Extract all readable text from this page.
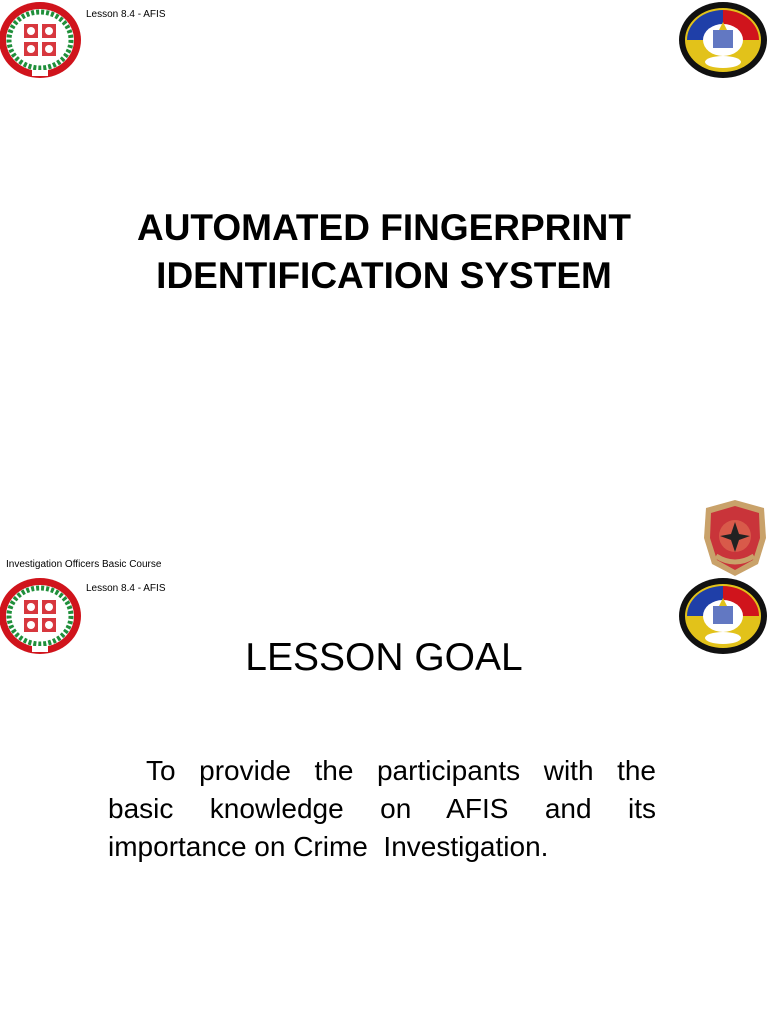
Lesson 8.4 - AFIS
AUTOMATED FINGERPRINT
IDENTIFICATION SYSTEM
Investigation Officers Basic Course
Lesson 8.4 - AFIS
LESSON GOAL
To provide the participants with the
basic knowledge on AFIS and its
importance on Crime  Investigation.
